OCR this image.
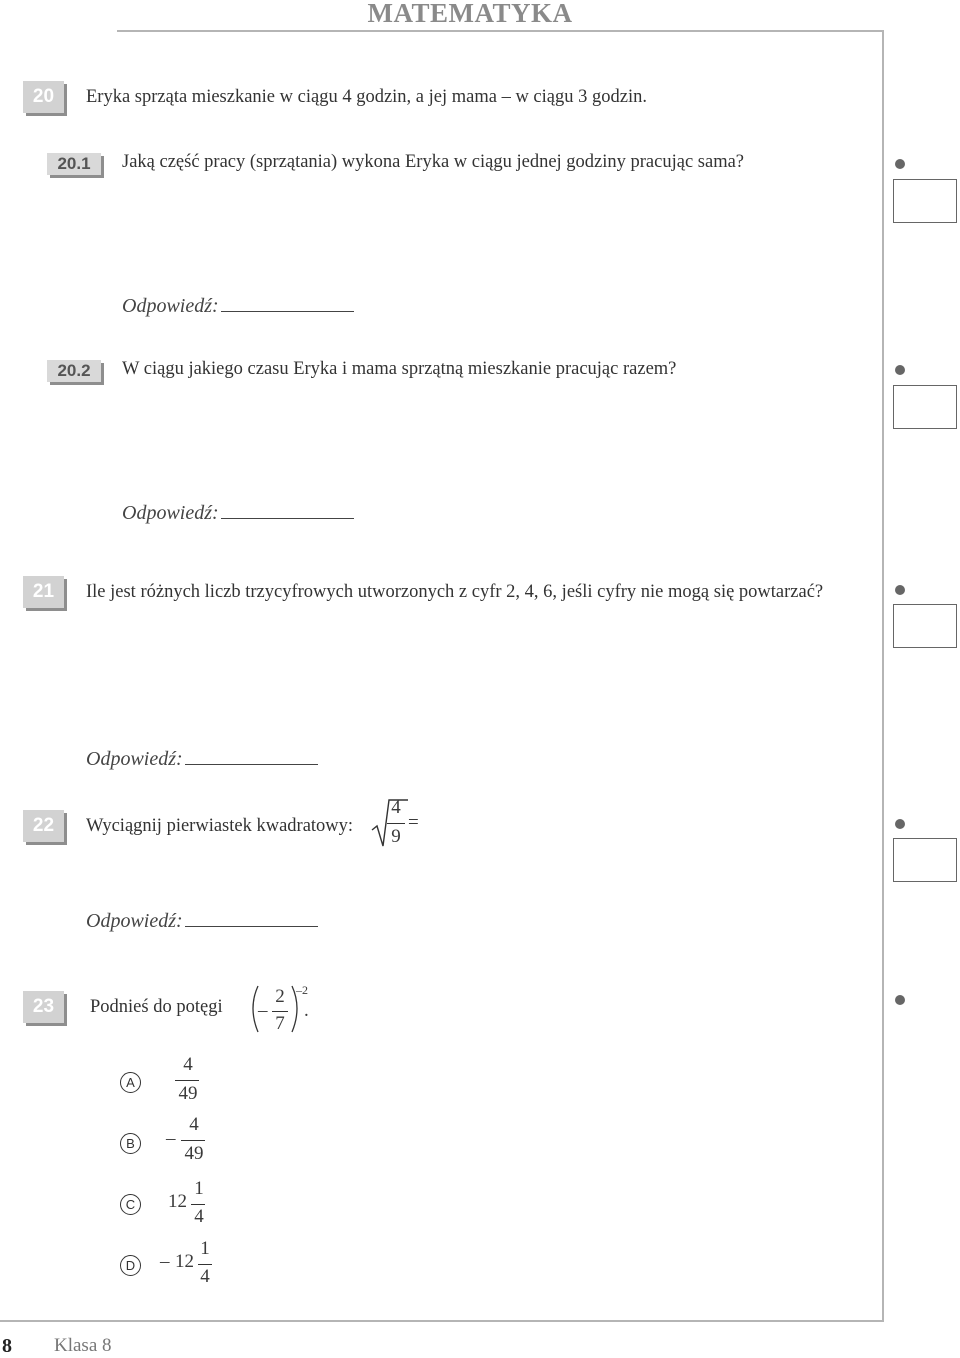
MATEMATYKA
20	Eryka sprząta mieszkanie w ciągu 4 godzin, a jej mama – w ciągu 3 godzin.
20.1	Jaką część pracy (sprzątania) wykona Eryka w ciągu jednej godziny pracując sama?
Odpowiedź:
20.2	W ciągu jakiego czasu Eryka i mama sprzątną mieszkanie pracując razem?
Odpowiedź:
21	Ile jest różnych liczb trzycyfrowych utworzonych z cyfr 2, 4, 6, jeśli cyfry nie mogą się powtarzać?
Odpowiedź:
22	Wyciągnij pierwiastek kwadratowy:
4
9
=
Odpowiedź:
23	Podnieś do potęgi –
2
7
–2
.
A
4
49
B	–
4
49
C	12
1
4
D	– 12
1
4
8 Klasa 8
